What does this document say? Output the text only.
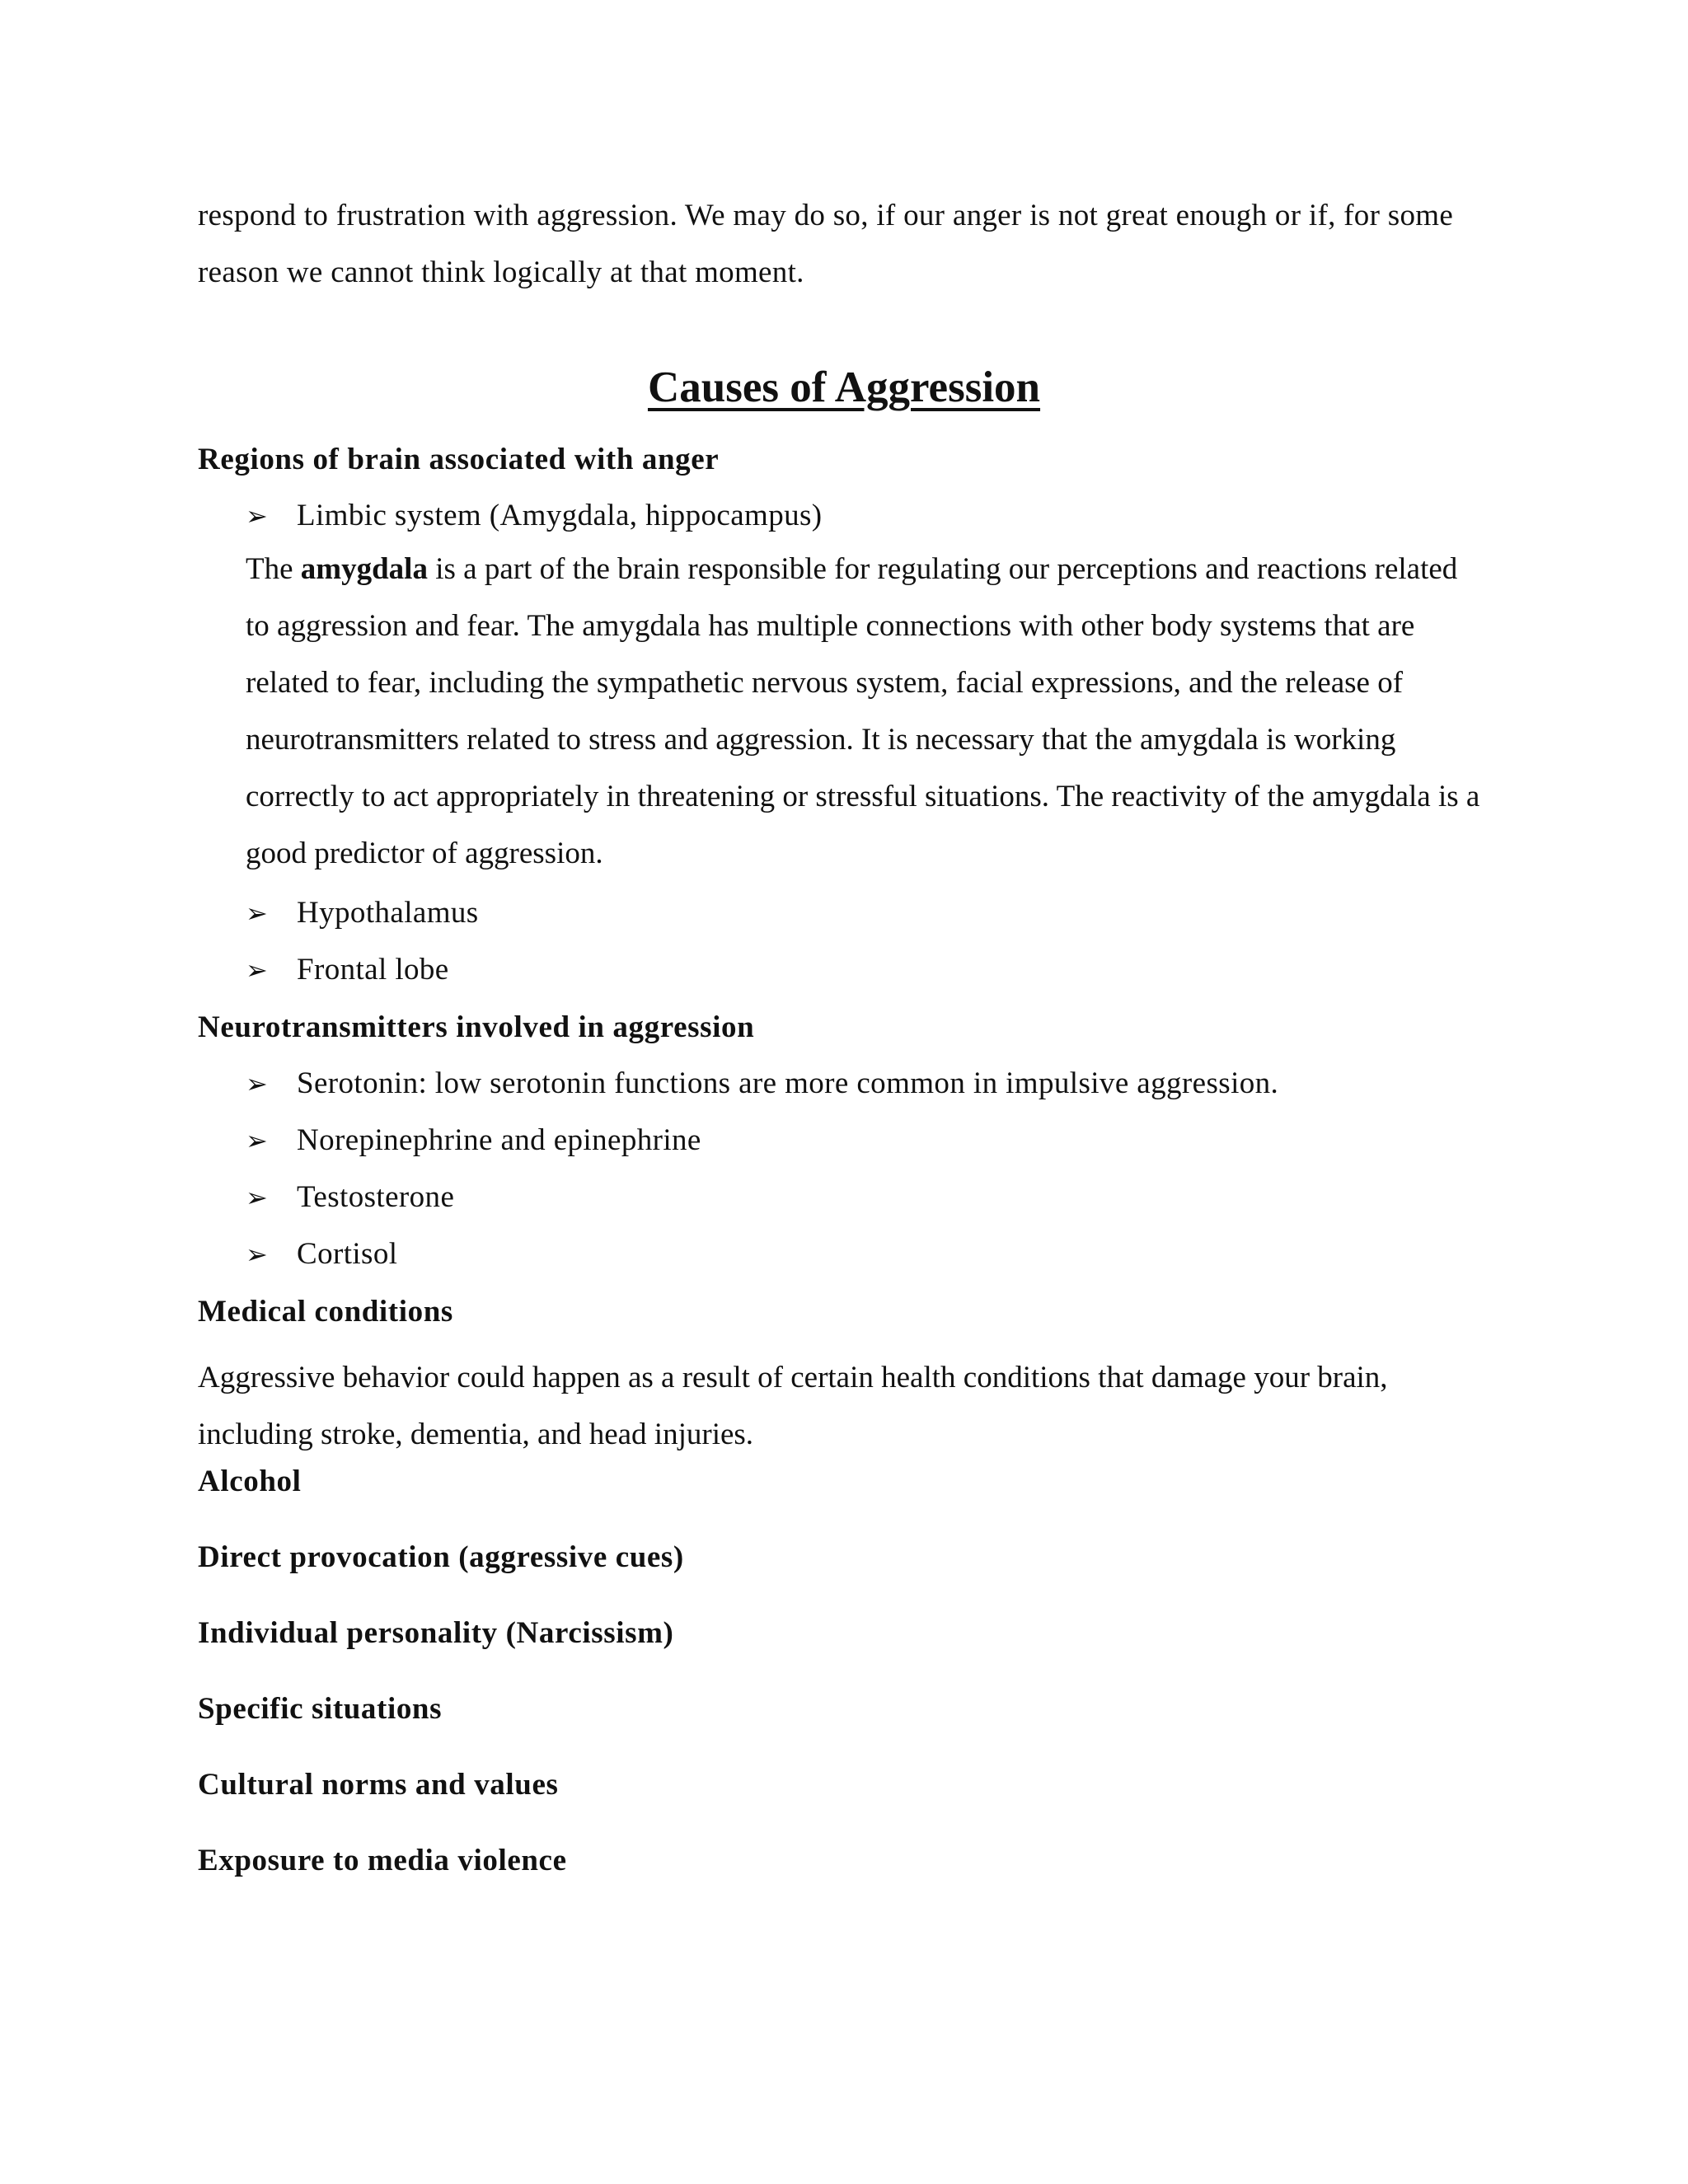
respond to frustration with aggression. We may do so, if our anger is not great enough or if, for some reason we cannot think logically at that moment.

Causes of Aggression
Regions of brain associated with anger
➢ Limbic system (Amygdala, hippocampus)

The amygdala is a part of the brain responsible for regulating our perceptions and reactions related to aggression and fear. The amygdala has multiple connections with other body systems that are related to fear, including the sympathetic nervous system, facial expressions, and the release of neurotransmitters related to stress and aggression. It is necessary that the amygdala is working correctly to act appropriately in threatening or stressful situations. The reactivity of the amygdala is a good predictor of aggression.

➢ Hypothalamus
➢ Frontal lobe
Neurotransmitters involved in aggression
➢ Serotonin: low serotonin functions are more common in impulsive aggression.
➢ Norepinephrine and epinephrine
➢ Testosterone
➢ Cortisol
Medical conditions

Aggressive behavior could happen as a result of certain health conditions that damage your brain, including stroke, dementia, and head injuries.

Alcohol
Direct provocation (aggressive cues)
Individual personality (Narcissism)
Specific situations
Cultural norms and values
Exposure to media violence
